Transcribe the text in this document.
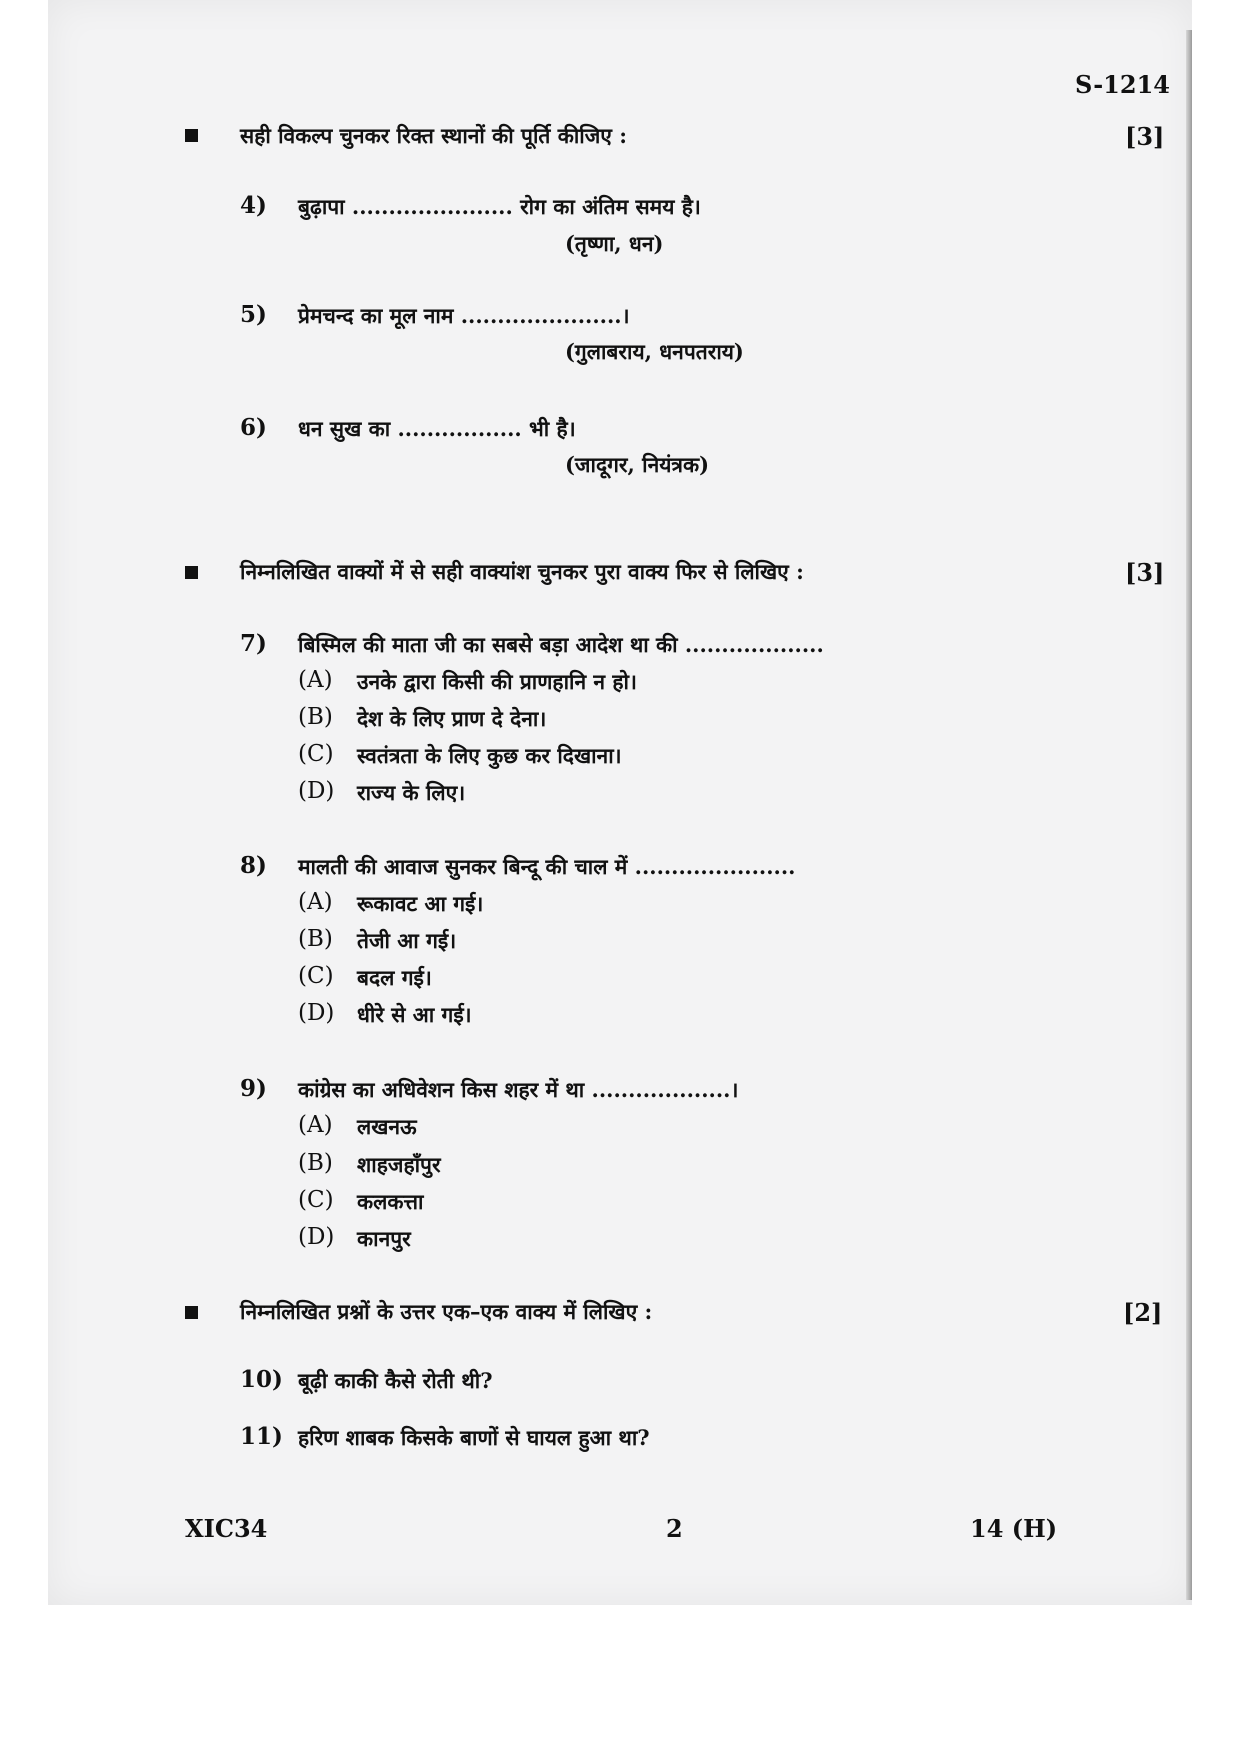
S-1214
सही विकल्प चुनकर रिक्त स्थानों की पूर्ति कीजिए :	[3]
4) बुढ़ापा ...................... रोग का अंतिम समय है।
(तृष्णा, धन)
5) प्रेमचन्द का मूल नाम ......................।
(गुलाबराय, धनपतराय)
6) धन सुख का ................. भी है।
(जादूगर, नियंत्रक)
निम्नलिखित वाक्यों में से सही वाक्यांश चुनकर पुरा वाक्य फिर से लिखिए :	[3]
7) बिस्मिल की माता जी का सबसे बड़ा आदेश था की ...................
(A) उनके द्वारा किसी की प्राणहानि न हो।
(B) देश के लिए प्राण दे देना।
(C) स्वतंत्रता के लिए कुछ कर दिखाना।
(D) राज्य के लिए।
8) मालती की आवाज सुनकर बिन्दू की चाल में ......................
(A) रूकावट आ गई।
(B) तेजी आ गई।
(C) बदल गई।
(D) धीरे से आ गई।
9) कांग्रेस का अधिवेशन किस शहर में था ...................।
(A) लखनऊ
(B) शाहजहाँपुर
(C) कलकत्ता
(D) कानपुर
निम्नलिखित प्रश्नों के उत्तर एक–एक वाक्य में लिखिए :	[2]
10) बूढ़ी काकी कैसे रोती थी?
11) हरिण शाबक किसके बाणों से घायल हुआ था?
XIC34	2	14 (H)
